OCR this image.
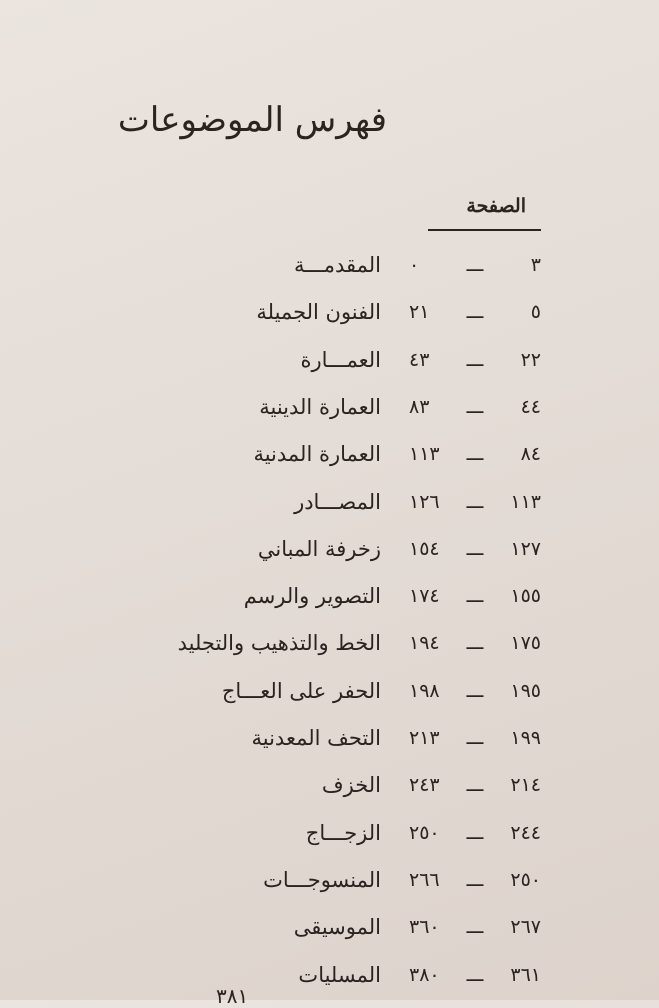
فهرس الموضوعات
الصفحة
٣
ـــ
٠
المقدمـــة
٥
ـــ
٢١
الفنون الجميلة
٢٢
ـــ
٤٣
العمـــارة
٤٤
ـــ
٨٣
العمارة الدينية
٨٤
ـــ
١١٣
العمارة المدنية
١١٣
ـــ
١٢٦
المصـــادر
١٢٧
ـــ
١٥٤
زخرفة المباني
١٥٥
ـــ
١٧٤
التصوير والرسم
١٧٥
ـــ
١٩٤
الخط والتذهيب والتجليد
١٩٥
ـــ
١٩٨
الحفر على العـــاج
١٩٩
ـــ
٢١٣
التحف المعدنية
٢١٤
ـــ
٢٤٣
الخزف
٢٤٤
ـــ
٢٥٠
الزجـــاج
٢٥٠
ـــ
٢٦٦
المنسوجـــات
٢٦٧
ـــ
٣٦٠
الموسيقى
٣٦١
ـــ
٣٨٠
المسليات
٣٨١
